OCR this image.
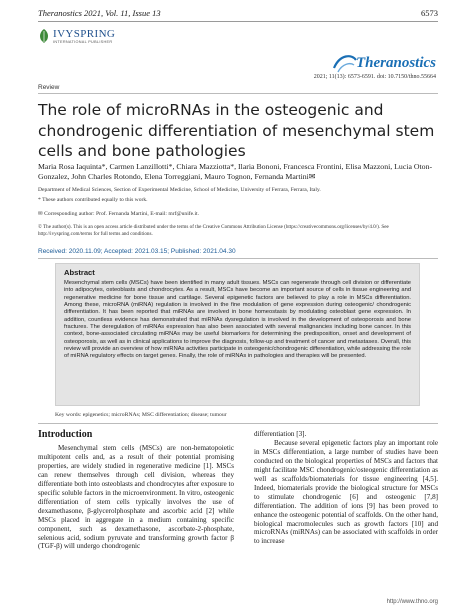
Theranostics 2021, Vol. 11, Issue 13	6573
IVYSPRING
INTERNATIONAL PUBLISHER
Theranostics
2021; 11(13): 6573-6591. doi: 10.7150/thno.55664
Review
The role of microRNAs in the osteogenic and chondrogenic differentiation of mesenchymal stem cells and bone pathologies
Maria Rosa Iaquinta*, Carmen Lanzillotti*, Chiara Mazziotta*, Ilaria Bononi, Francesca Frontini, Elisa Mazzoni, Lucia Oton-Gonzalez, John Charles Rotondo, Elena Torreggiani, Mauro Tognon, Fernanda Martini✉
Department of Medical Sciences, Section of Experimental Medicine, School of Medicine, University of Ferrara, Ferrara, Italy.
* These authors contributed equally to this work.
✉ Corresponding author: Prof. Fernanda Martini, E-mail: mrf@unife.it.
© The author(s). This is an open access article distributed under the terms of the Creative Commons Attribution License (https://creativecommons.org/licenses/by/4.0/). See http://ivyspring.com/terms for full terms and conditions.
Received: 2020.11.09; Accepted: 2021.03.15; Published: 2021.04.30
Abstract
Mesenchymal stem cells (MSCs) have been identified in many adult tissues. MSCs can regenerate through cell division or differentiate into adipocytes, osteoblasts and chondrocytes. As a result, MSCs have become an important source of cells in tissue engineering and regenerative medicine for bone tissue and cartilage. Several epigenetic factors are believed to play a role in MSCs differentiation. Among these, microRNA (miRNA) regulation is involved in the fine modulation of gene expression during osteogenic/ chondrogenic differentiation. It has been reported that miRNAs are involved in bone homeostasis by modulating osteoblast gene expression. In addition, countless evidence has demonstrated that miRNAs dysregulation is involved in the development of osteoporosis and bone fractures. The deregulation of miRNAs expression has also been associated with several malignancies including bone cancer. In this context, bone-associated circulating miRNAs may be useful biomarkers for determining the predisposition, onset and development of osteoporosis, as well as in clinical applications to improve the diagnosis, follow-up and treatment of cancer and metastases. Overall, this review will provide an overview of how miRNAs activities participate in osteogenic/chondrogenic differentiation, while addressing the role of miRNA regulatory effects on target genes. Finally, the role of miRNAs in pathologies and therapies will be presented.
Key words: epigenetics; microRNAs; MSC differentiation; disease; tumour
Introduction
Mesenchymal stem cells (MSCs) are non-hematopoietic multipotent cells and, as a result of their potential promising properties, are widely studied in regenerative medicine [1]. MSCs can renew themselves through cell division, whereas they differentiate both into osteoblasts and chondrocytes after exposure to specific soluble factors in the microenvironment. In vitro, osteogenic differentiation of stem cells typically involves the use of dexamethasone, β-glycerolphosphate and ascorbic acid [2] while MSCs placed in aggregate in a medium containing specific component, such as dexamethasone, ascorbate-2-phosphate, selenious acid, sodium pyruvate and transforming growth factor β (TGF-β) will undergo chondrogenic
differentiation [3].
Because several epigenetic factors play an important role in MSCs differentiation, a large number of studies have been conducted on the biological properties of MSCs and factors that might facilitate MSC chondrogenic/osteogenic differentiation as well as scaffolds/biomaterials for tissue engineering [4,5]. Indeed, biomaterials provide the biological structure for MSCs to stimulate chondrogenic [6] and osteogenic [7,8] differentiation. The addition of ions [9] has been proved to enhance the osteogenic potential of scaffolds. On the other hand, biological macromolecules such as growth factors [10] and microRNAs (miRNAs) can be associated with scaffolds in order to increase
http://www.thno.org
